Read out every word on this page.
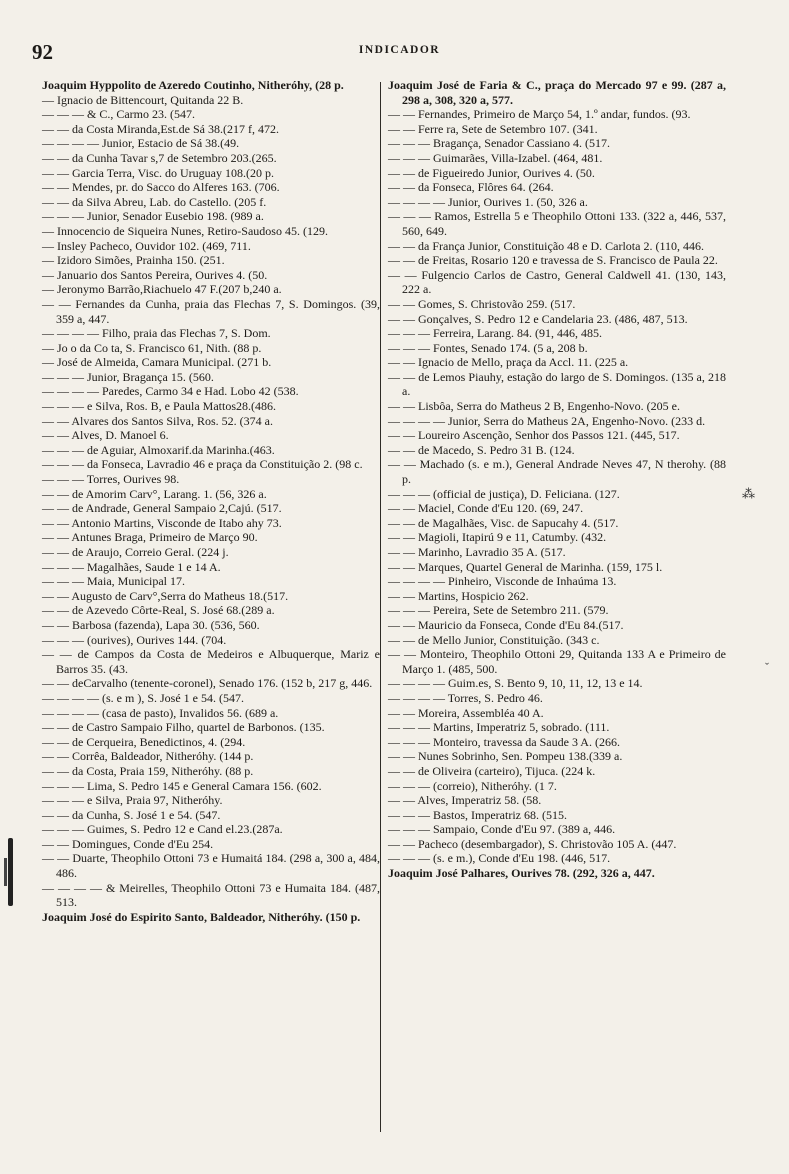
92	INDICADOR

Joaquim Hyppolito de Azeredo Coutinho, Nitheróhy, (28 p.

— Ignacio de Bittencourt, Quitanda 22 B.

— — — & C., Carmo 23. (547.

— — da Costa Miranda,Est.de Sá 38.(217 f, 472.

— — — — Junior, Estacio de Sá 38.(49.

— — da Cunha Tavar s,7 de Setembro 203.(265.

— — Garcia Terra, Visc. do Uruguay 108.(20 p.

— — Mendes, pr. do Sacco do Alferes 163. (706.

— — da Silva Abreu, Lab. do Castello. (205 f.

— — — Junior, Senador Eusebio 198. (989 a.

— Innocencio de Siqueira Nunes, Retiro-Saudoso 45. (129.

— Insley Pacheco, Ouvidor 102. (469, 711.

— Izidoro Simões, Prainha 150. (251.

— Januario dos Santos Pereira, Ourives 4. (50.

— Jeronymo Barrão,Riachuelo 47 F.(207 b,240 a.

— — Fernandes da Cunha, praia das Flechas 7, S. Domingos. (39, 359 a, 447.

— — — — Filho, praia das Flechas 7, S. Dom.

— Jo o da Co ta, S. Francisco 61, Nith. (88 p.

— José de Almeida, Camara Municipal. (271 b.

— — — Junior, Bragança 15. (560.

— — — — Paredes, Carmo 34 e Had. Lobo 42 (538.

— — — e Silva, Ros. B, e Paula Mattos28.(486.

— — Alvares dos Santos Silva, Ros. 52. (374 a.

— — Alves, D. Manoel 6.

— — — de Aguiar, Almoxarif.da Marinha.(463.

— — — da Fonseca, Lavradio 46 e praça da Constituição 2. (98 c.

— — — Torres, Ourives 98.

— — de Amorim Carv°, Larang. 1. (56, 326 a.

— — de Andrade, General Sampaio 2,Cajú. (517.

— — Antonio Martins, Visconde de Itabo ahy 73.

— — Antunes Braga, Primeiro de Março 90.

— — de Araujo, Correio Geral. (224 j.

— — — Magalhães, Saude 1 e 14 A.

— — — Maia, Municipal 17.

— — Augusto de Carv°,Serra do Matheus 18.(517.

— — de Azevedo Côrte-Real, S. José 68.(289 a.

— — Barbosa (fazenda), Lapa 30. (536, 560.

— — — (ourives), Ourives 144. (704.

— — de Campos da Costa de Medeiros e Albuquerque, Mariz e Barros 35. (43.

— — deCarvalho (tenente-coronel), Senado 176. (152 b, 217 g, 446.

— — — — (s. e m ), S. José 1 e 54. (547.

— — — — (casa de pasto), Invalidos 56. (689 a.

— — de Castro Sampaio Filho, quartel de Barbonos. (135.

— — de Cerqueira, Benedictinos, 4. (294.

— — Corrêa, Baldeador, Nitheróhy. (144 p.

— — da Costa, Praia 159, Nitheróhy. (88 p.

— — — Lima, S. Pedro 145 e General Camara 156. (602.

— — — e Silva, Praia 97, Nitheróhy.

— — da Cunha, S. José 1 e 54. (547.

— — — Guimes, S. Pedro 12 e Cand el.23.(287a.

— — Domingues, Conde d'Eu 254.

— — Duarte, Theophilo Ottoni 73 e Humaitá 184. (298 a, 300 a, 484, 486.

— — — — & Meirelles, Theophilo Ottoni 73 e Humaita 184. (487, 513.

Joaquim José do Espirito Santo, Baldeador, Nitheróhy. (150 p.

Joaquim José de Faria & C., praça do Mercado 97 e 99. (287 a, 298 a, 308, 320 a, 577.

— — Fernandes, Primeiro de Março 54, 1.º andar, fundos. (93.

— — Ferre ra, Sete de Setembro 107. (341.

— — — Bragança, Senador Cassiano 4. (517.

— — — Guimarães, Villa-Izabel. (464, 481.

— — de Figueiredo Junior, Ourives 4. (50.

— — da Fonseca, Flôres 64. (264.

— — — — Junior, Ourives 1. (50, 326 a.

— — — Ramos, Estrella 5 e Theophilo Ottoni 133. (322 a, 446, 537, 560, 649.

— — da França Junior, Constituição 48 e D. Carlota 2. (110, 446.

— — de Freitas, Rosario 120 e travessa de S. Francisco de Paula 22.

— — Fulgencio Carlos de Castro, General Caldwell 41. (130, 143, 222 a.

— — Gomes, S. Christovão 259. (517.

— — Gonçalves, S. Pedro 12 e Candelaria 23. (486, 487, 513.

— — — Ferreira, Larang. 84. (91, 446, 485.

— — — Fontes, Senado 174. (5 a, 208 b.

— — Ignacio de Mello, praça da Accl. 11. (225 a.

— — de Lemos Piauhy, estação do largo de S. Domingos. (135 a, 218 a.

— — Lisbôa, Serra do Matheus 2 B, Engenho-Novo. (205 e.

— — — — Junior, Serra do Matheus 2A, Engenho-Novo. (233 d.

— — Loureiro Ascenção, Senhor dos Passos 121. (445, 517.

— — de Macedo, S. Pedro 31 B. (124.

— — Machado (s. e m.), General Andrade Neves 47, N therohy. (88 p.

— — — (official de justiça), D. Feliciana. (127.

— — Maciel, Conde d'Eu 120. (69, 247.

— — de Magalhães, Visc. de Sapucahy 4. (517.

— — Magioli, Itapirú 9 e 11, Catumby. (432.

— — Marinho, Lavradio 35 A. (517.

— — Marques, Quartel General de Marinha. (159, 175 l.

— — — — Pinheiro, Visconde de Inhaúma 13.

— — Martins, Hospicio 262.

— — — Pereira, Sete de Setembro 211. (579.

— — Mauricio da Fonseca, Conde d'Eu 84.(517.

— — de Mello Junior, Constituição. (343 c.

— — Monteiro, Theophilo Ottoni 29, Quitanda 133 A e Primeiro de Março 1. (485, 500.

— — — — Guim.es, S. Bento 9, 10, 11, 12, 13 e 14.

— — — — Torres, S. Pedro 46.

— — Moreira, Assembléa 40 A.

— — — Martins, Imperatriz 5, sobrado. (111.

— — — Monteiro, travessa da Saude 3 A. (266.

— — Nunes Sobrinho, Sen. Pompeu 138.(339 a.

— — de Oliveira (carteiro), Tijuca. (224 k.

— — — (correio), Nitheróhy. (1 7.

— — Alves, Imperatriz 58. (58.

— — — Bastos, Imperatriz 68. (515.

— — — Sampaio, Conde d'Eu 97. (389 a, 446.

— — Pacheco (desembargador), S. Christovão 105 A. (447.

— — — (s. e m.), Conde d'Eu 198. (446, 517.

Joaquim José Palhares, Ourives 78. (292, 326 a, 447.

⁂
ˇ
